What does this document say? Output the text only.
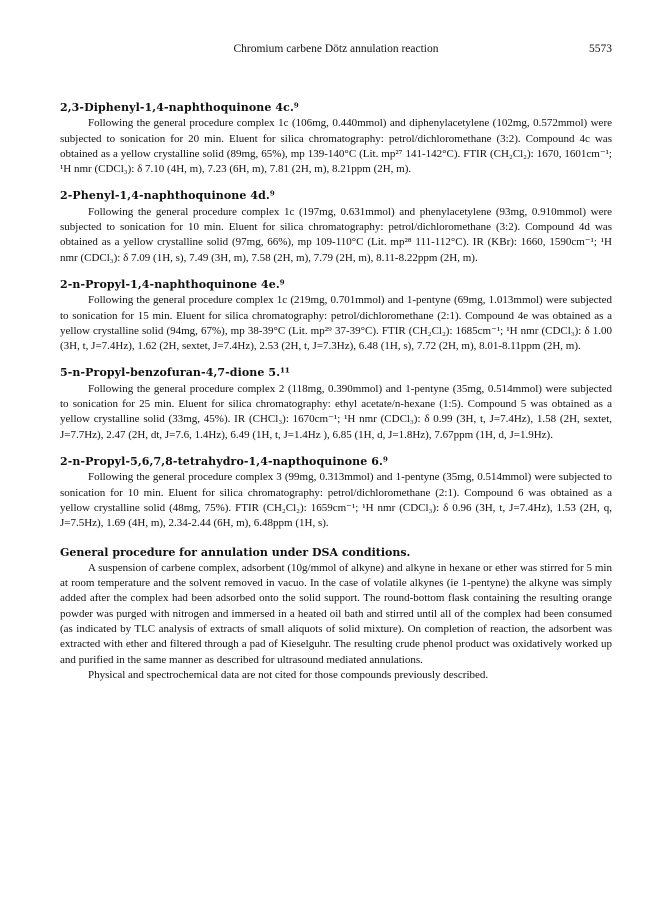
Chromium carbene Dötz annulation reaction	5573
2,3-Diphenyl-1,4-naphthoquinone 4c.⁹
Following the general procedure complex 1c (106mg, 0.440mmol) and diphenylacetylene (102mg, 0.572mmol) were subjected to sonication for 20 min. Eluent for silica chromatography: petrol/dichloromethane (3:2). Compound 4c was obtained as a yellow crystalline solid (89mg, 65%), mp 139-140°C (Lit. mp²⁷ 141-142°C). FTIR (CH₂Cl₂): 1670, 1601cm⁻¹; ¹H nmr (CDCl₃): δ 7.10 (4H, m), 7.23 (6H, m), 7.81 (2H, m), 8.21ppm (2H, m).
2-Phenyl-1,4-naphthoquinone 4d.⁹
Following the general procedure complex 1c (197mg, 0.631mmol) and phenylacetylene (93mg, 0.910mmol) were subjected to sonication for 10 min. Eluent for silica chromatography: petrol/dichloromethane (3:2). Compound 4d was obtained as a yellow crystalline solid (97mg, 66%), mp 109-110°C (Lit. mp²⁸ 111-112°C). IR (KBr): 1660, 1590cm⁻¹; ¹H nmr (CDCl₃): δ 7.09 (1H, s), 7.49 (3H, m), 7.58 (2H, m), 7.79 (2H, m), 8.11-8.22ppm (2H, m).
2-n-Propyl-1,4-naphthoquinone 4e.⁹
Following the general procedure complex 1c (219mg, 0.701mmol) and 1-pentyne (69mg, 1.013mmol) were subjected to sonication for 15 min. Eluent for silica chromatography: petrol/dichloromethane (2:1). Compound 4e was obtained as a yellow crystalline solid (94mg, 67%), mp 38-39°C (Lit. mp²⁹ 37-39°C). FTIR (CH₂Cl₂): 1685cm⁻¹; ¹H nmr (CDCl₃): δ 1.00 (3H, t, J=7.4Hz), 1.62 (2H, sextet, J=7.4Hz), 2.53 (2H, t, J=7.3Hz), 6.48 (1H, s), 7.72 (2H, m), 8.01-8.11ppm (2H, m).
5-n-Propyl-benzofuran-4,7-dione 5.¹¹
Following the general procedure complex 2 (118mg, 0.390mmol) and 1-pentyne (35mg, 0.514mmol) were subjected to sonication for 25 min. Eluent for silica chromatography: ethyl acetate/n-hexane (1:5). Compound 5 was obtained as a yellow crystalline solid (33mg, 45%). IR (CHCl₃): 1670cm⁻¹; ¹H nmr (CDCl₃): δ 0.99 (3H, t, J=7.4Hz), 1.58 (2H, sextet, J=7.7Hz), 2.47 (2H, dt, J=7.6, 1.4Hz), 6.49 (1H, t, J=1.4Hz ), 6.85 (1H, d, J=1.8Hz), 7.67ppm (1H, d, J=1.9Hz).
2-n-Propyl-5,6,7,8-tetrahydro-1,4-napthoquinone 6.⁹
Following the general procedure complex 3 (99mg, 0.313mmol) and 1-pentyne (35mg, 0.514mmol) were subjected to sonication for 10 min. Eluent for silica chromatography: petrol/dichloromethane (2:1). Compound 6 was obtained as a yellow crystalline solid (48mg, 75%). FTIR (CH₂Cl₂): 1659cm⁻¹; ¹H nmr (CDCl₃): δ 0.96 (3H, t, J=7.4Hz), 1.53 (2H, q, J=7.5Hz), 1.69 (4H, m), 2.34-2.44 (6H, m), 6.48ppm (1H, s).
General procedure for annulation under DSA conditions.

A suspension of carbene complex, adsorbent (10g/mmol of alkyne) and alkyne in hexane or ether was stirred for 5 min at room temperature and the solvent removed in vacuo. In the case of volatile alkynes (ie 1-pentyne) the alkyne was simply added after the complex had been adsorbed onto the solid support. The round-bottom flask containing the resulting orange powder was purged with nitrogen and immersed in a heated oil bath and stirred until all of the complex had been consumed (as indicated by TLC analysis of extracts of small aliquots of solid mixture). On completion of reaction, the adsorbent was extracted with ether and filtered through a pad of Kieselguhr. The resulting crude phenol product was oxidatively worked up and purified in the same manner as described for ultrasound mediated annulations.

Physical and spectrochemical data are not cited for those compounds previously described.
